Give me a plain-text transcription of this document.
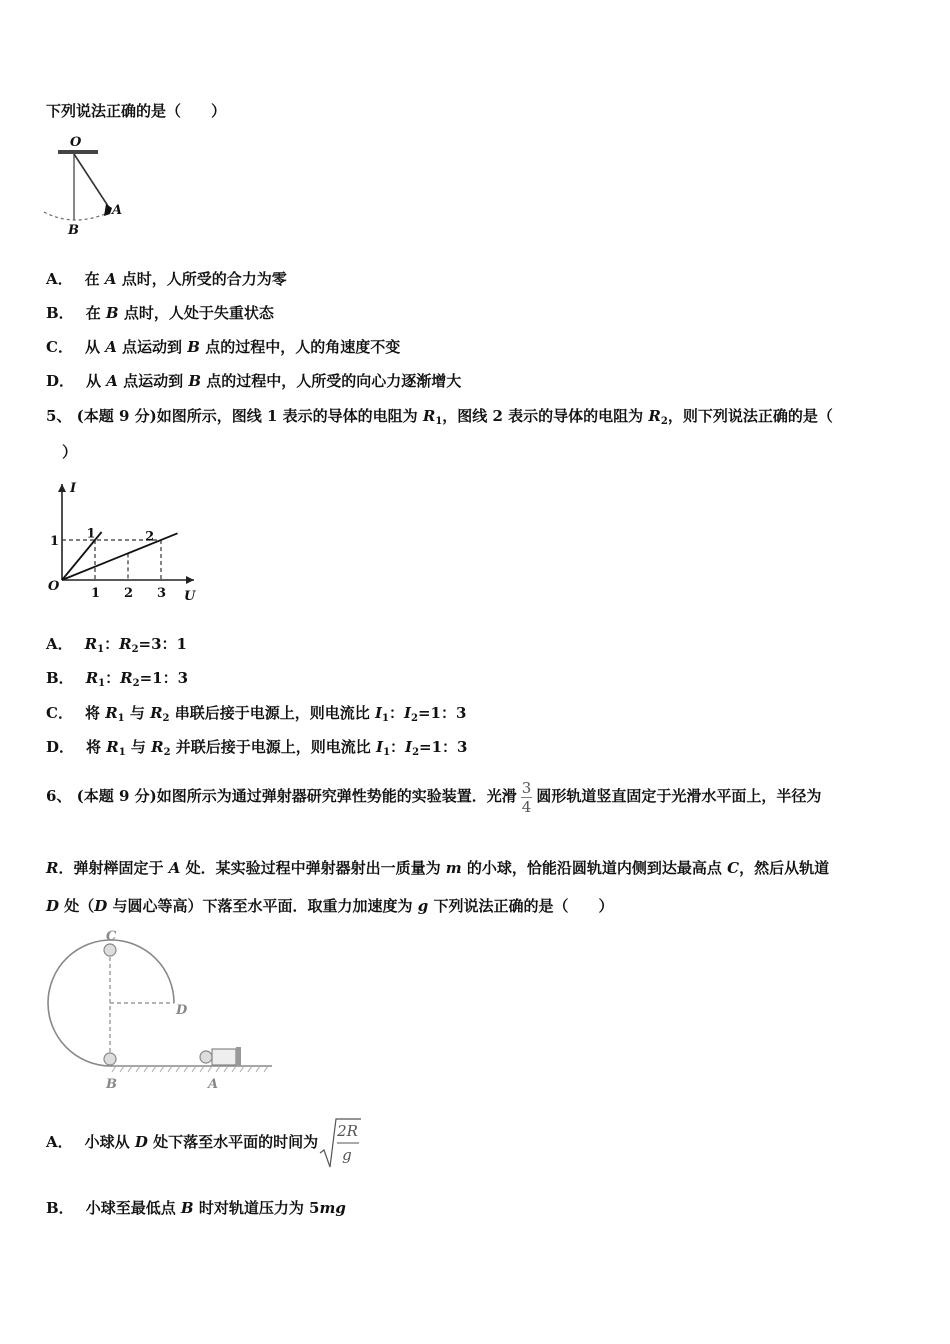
下列说法正确的是（　　）
O
A
B
A． 在 A 点时，人所受的合力为零
B． 在 B 点时，人处于失重状态
C． 从 A 点运动到 B 点的过程中，人的角速度不变
D． 从 A 点运动到 B 点的过程中，人所受的向心力逐渐增大
5、 (本题 9 分)如图所示，图线 1 表示的导体的电阻为 $R_1$，图线 2 表示的导体的电阻为 $R_2$，则下列说法正确的是（
）
I
U
O
1	2
1 2 3
1
A． $R_1$：$R_2=3$：1
B． $R_1$：$R_2=1$：3
C． 将 $R_1$ 与 $R_2$ 串联后接于电源上，则电流比 $I_1$：$I_2=1$：3
D． 将 $R_1$ 与 $R_2$ 并联后接于电源上，则电流比 $I_1$：$I_2=1$：3
6、 (本题 9 分)如图所示为通过弹射器研究弹性势能的实验装置．光滑 $\frac{3}{4}$ 圆形轨道竖直固定于光滑水平面上，半径为
R．弹射榉固定于 A 处．某实验过程中弹射器射出一质量为 m 的小球，恰能沿圆轨道内侧到达最高点 C，然后从轨道
D 处（D 与圆心等高）下落至水平面．取重力加速度为 g 下列说法正确的是（　　）
C
D
B	A
A． 小球从 D 处下落至水平面的时间为
2R
g
B． 小球至最低点 B 时对轨道压力为 5mg
